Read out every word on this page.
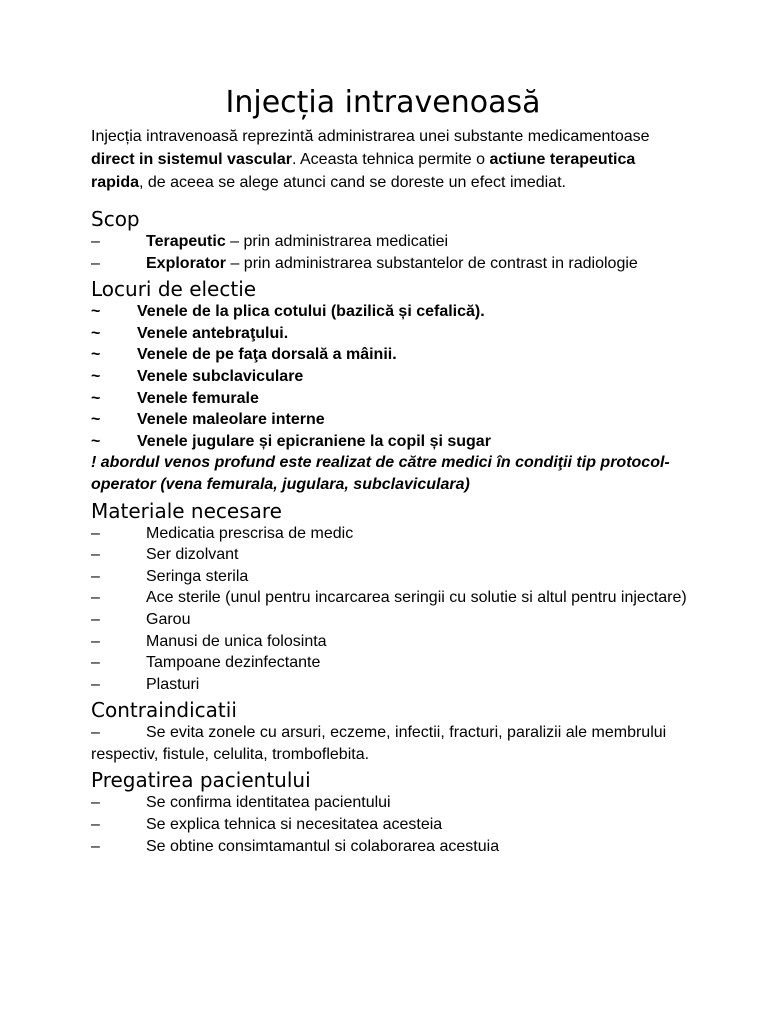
Injecția intravenoasă

Injecția intravenoasă reprezintă administrarea unei substante medicamentoase direct in sistemul vascular. Aceasta tehnica permite o actiune terapeutica rapida, de aceea se alege atunci cand se doreste un efect imediat.

Scop
–	Terapeutic – prin administrarea medicatiei
–	Explorator – prin administrarea substantelor de contrast in radiologie
Locuri de electie
~	Venele de la plica cotului (bazilică și cefalică).
~	Venele antebraţului.
~	Venele de pe faţa dorsală a mâinii.
~	Venele subclaviculare
~	Venele femurale
~	Venele maleolare interne
~	Venele jugulare și epicraniene la copil și sugar

! abordul venos profund este realizat de către medici în condiţii tip protocol- operator (vena femurala, jugulara, subclaviculara)

Materiale necesare
–	Medicatia prescrisa de medic
–	Ser dizolvant
–	Seringa sterila
–	Ace sterile (unul pentru incarcarea seringii cu solutie si altul pentru injectare)
–	Garou
–	Manusi de unica folosinta
–	Tampoane dezinfectante
–	Plasturi
Contraindicatii
–	Se evita zonele cu arsuri, eczeme, infectii, fracturi, paralizii ale membrului respectiv, fistule, celulita, tromboflebita.
Pregatirea pacientului
–	Se confirma identitatea pacientului
–	Se explica tehnica si necesitatea acesteia
–	Se obtine consimtamantul si colaborarea acestuia
